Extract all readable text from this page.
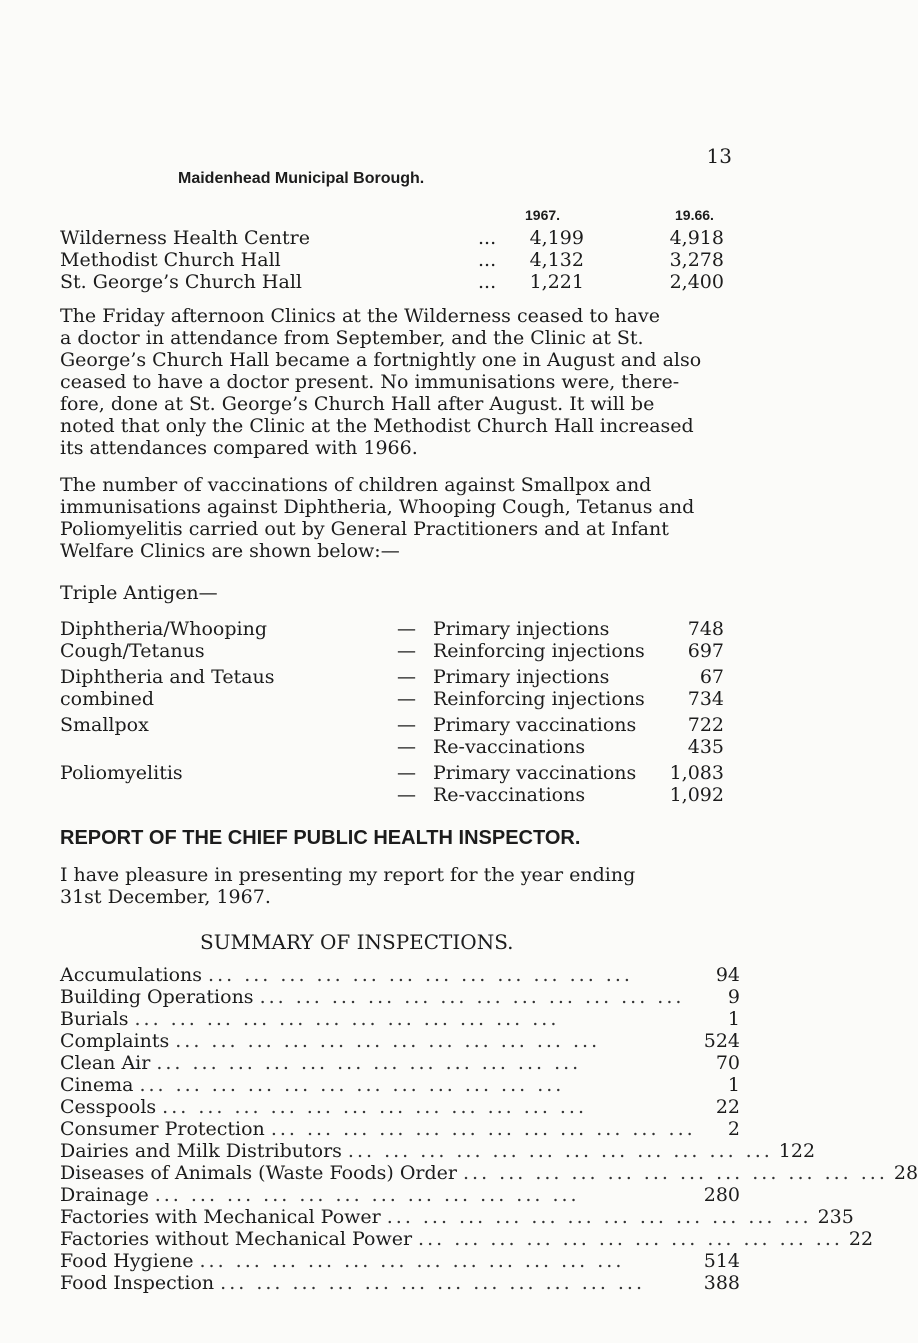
13
Maidenhead Municipal Borough.
1967.	19.66.
Wilderness Health Centre	...	4,199	4,918
Methodist Church Hall	...	4,132	3,278
St. George’s Church Hall	...	1,221	2,400
The Friday afternoon Clinics at the Wilderness ceased to have
a doctor in attendance from September, and the Clinic at St.
George’s Church Hall became a fortnightly one in August and also
ceased to have a doctor present. No immunisations were, there-
fore, done at St. George’s Church Hall after August. It will be
noted that only the Clinic at the Methodist Church Hall increased
its attendances compared with 1966.
The number of vaccinations of children against Smallpox and
immunisations against Diphtheria, Whooping Cough, Tetanus and
Poliomyelitis carried out by General Practitioners and at Infant
Welfare Clinics are shown below:—
Triple Antigen—
Diphtheria/Whooping	— Primary injections	748
Cough/Tetanus	— Reinforcing injections	697
Diphtheria and Tetaus	— Primary injections	67
combined	— Reinforcing injections	734
Smallpox	— Primary vaccinations	722
— Re-vaccinations	435
Poliomyelitis	— Primary vaccinations	1,083
— Re-vaccinations	1,092
REPORT OF THE CHIEF PUBLIC HEALTH INSPECTOR.
I have pleasure in presenting my report for the year ending
31st December, 1967.
SUMMARY OF INSPECTIONS.
Accumulations ... ... ... ... ... ... ... ... ... ... ... ...	94
Building Operations ... ... ... ... ... ... ... ... ... ... ... ...	9
Burials ... ... ... ... ... ... ... ... ... ... ... ...	1
Complaints ... ... ... ... ... ... ... ... ... ... ... ...	524
Clean Air ... ... ... ... ... ... ... ... ... ... ... ...	70
Cinema ... ... ... ... ... ... ... ... ... ... ... ...	1
Cesspools ... ... ... ... ... ... ... ... ... ... ... ...	22
Consumer Protection ... ... ... ... ... ... ... ... ... ... ... ...	2
Dairies and Milk Distributors ... ... ... ... ... ... ... ... ... ... ... ... 122
Diseases of Animals (Waste Foods) Order ... ... ... ... ... ... ... ... ... ... ... ... 28
Drainage ... ... ... ... ... ... ... ... ... ... ... ...	280
Factories with Mechanical Power ... ... ... ... ... ... ... ... ... ... ... ... 235
Factories without Mechanical Power ... ... ... ... ... ... ... ... ... ... ... ... 22
Food Hygiene ... ... ... ... ... ... ... ... ... ... ... ...	514
Food Inspection ... ... ... ... ... ... ... ... ... ... ... ...	388
